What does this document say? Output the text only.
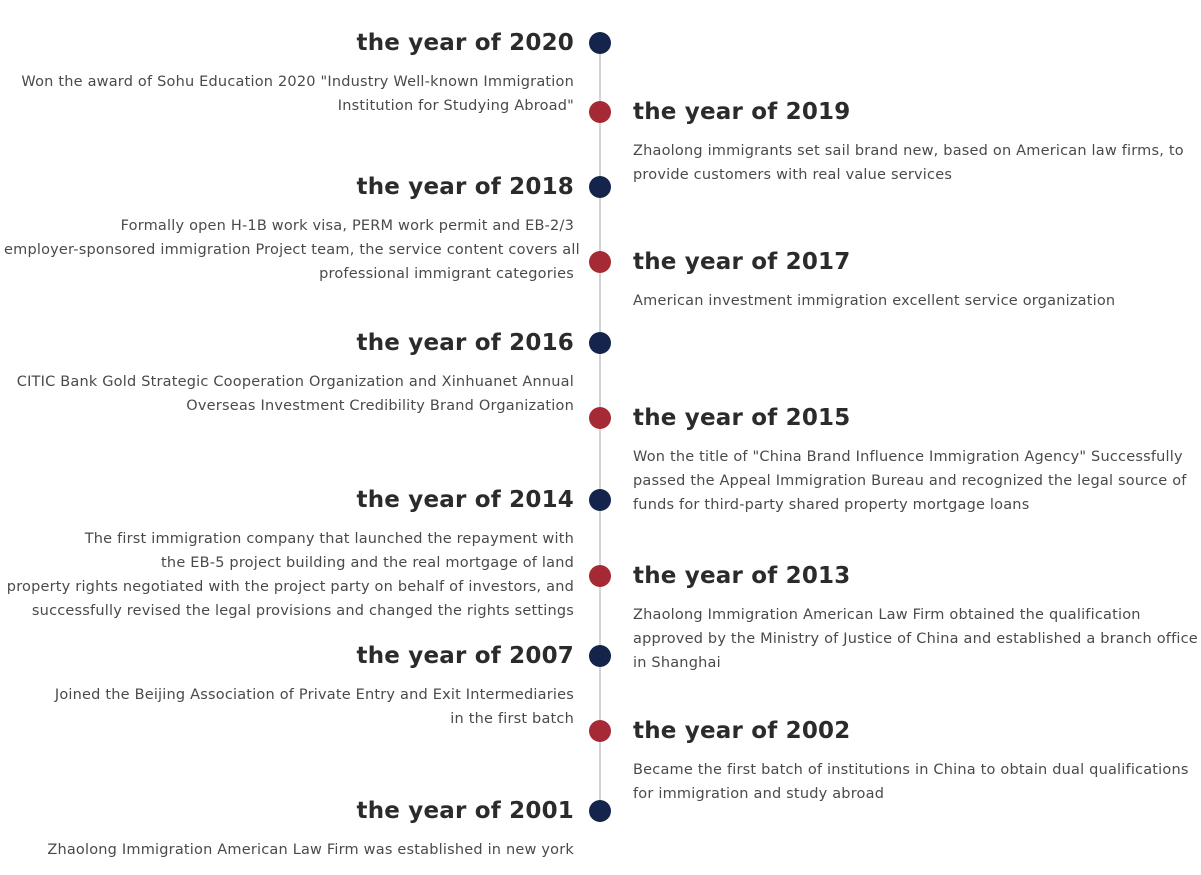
the year of 2020
Won the award of Sohu Education 2020 "Industry Well-known Immigration
Institution for Studying Abroad"	the year of 2019
Zhaolong immigrants set sail brand new, based on American law firms, to
provide customers with real value services
the year of 2018
Formally open H-1B work visa, PERM work permit and EB-2/3
employer-sponsored immigration Project team, the service content covers all
professional immigrant categories	the year of 2017
American investment immigration excellent service organization
the year of 2016
CITIC Bank Gold Strategic Cooperation Organization and Xinhuanet Annual
Overseas Investment Credibility Brand Organization	the year of 2015
Won the title of "China Brand Influence Immigration Agency" Successfully
passed the Appeal Immigration Bureau and recognized the legal source of
funds for third-party shared property mortgage loans
the year of 2014
The first immigration company that launched the repayment with
the EB-5 project building and the real mortgage of land
property rights negotiated with the project party on behalf of investors, and
successfully revised the legal provisions and changed the rights settings
the year of 2013
Zhaolong Immigration American Law Firm obtained the qualification
approved by the Ministry of Justice of China and established a branch office
in Shanghai
the year of 2007
Joined the Beijing Association of Private Entry and Exit Intermediaries
in the first batch	the year of 2002
Became the first batch of institutions in China to obtain dual qualifications
for immigration and study abroad
the year of 2001
Zhaolong Immigration American Law Firm was established in new york
